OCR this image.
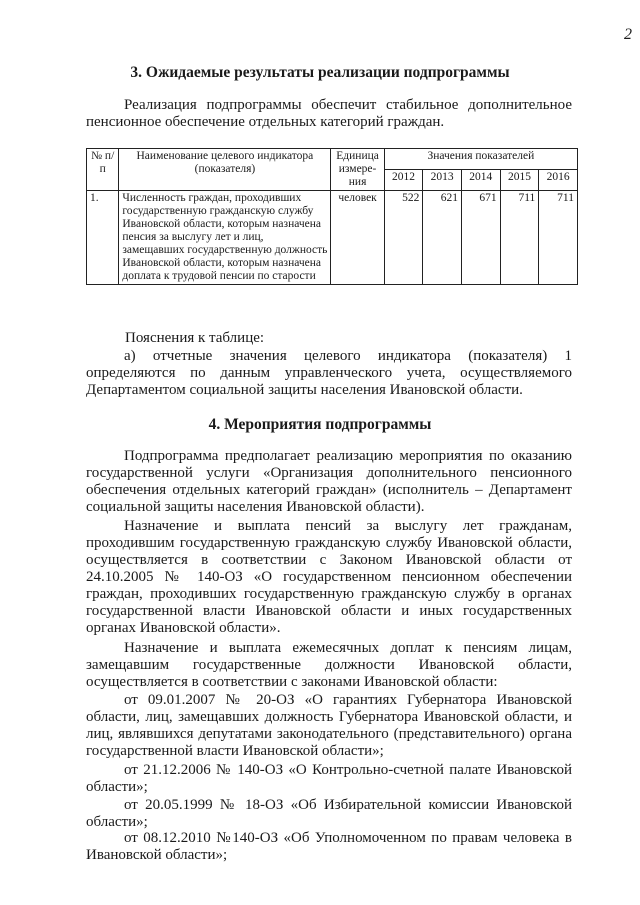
2
3. Ожидаемые результаты реализации подпрограммы

Реализация подпрограммы обеспечит стабильное дополнительное пенсионное обеспечение отдельных категорий граждан.

№ п/п	Наименование целевого индикатора (показателя)	Единица измере-ния	Значения показателей				
			2012	2013	2014	2015	2016
1.	Численность граждан, проходивших государственную гражданскую службу Ивановской области, которым назначена пенсия за выслугу лет и лиц, замещавших государственную должность Ивановской области, которым назначена доплата к трудовой пенсии по старости	человек	522	621	671	711	711

Пояснения к таблице:

а) отчетные значения целевого индикатора (показателя) 1 определяются по данным управленческого учета, осуществляемого Департаментом социальной защиты населения Ивановской области.

4. Мероприятия подпрограммы

Подпрограмма предполагает реализацию мероприятия по оказанию государственной услуги «Организация дополнительного пенсионного обеспечения отдельных категорий граждан» (исполнитель – Департамент социальной защиты населения Ивановской области).

Назначение и выплата пенсий за выслугу лет гражданам, проходившим государственную гражданскую службу Ивановской области, осуществляется в соответствии с Законом Ивановской области от 24.10.2005 № 140-ОЗ «О государственном пенсионном обеспечении граждан, проходивших государственную гражданскую службу в органах государственной власти Ивановской области и иных государственных органах Ивановской области».

Назначение и выплата ежемесячных доплат к пенсиям лицам, замещавшим государственные должности Ивановской области, осуществляется в соответствии с законами Ивановской области:

от 09.01.2007 № 20-ОЗ «О гарантиях Губернатора Ивановской области, лиц, замещавших должность Губернатора Ивановской области, и лиц, являвшихся депутатами законодательного (представительного) органа государственной власти Ивановской области»;

от 21.12.2006 № 140-ОЗ «О Контрольно-счетной палате Ивановской области»;

от 20.05.1999 № 18-ОЗ «Об Избирательной комиссии Ивановской области»;

от 08.12.2010 №140-ОЗ «Об Уполномоченном по правам человека в Ивановской области»;
